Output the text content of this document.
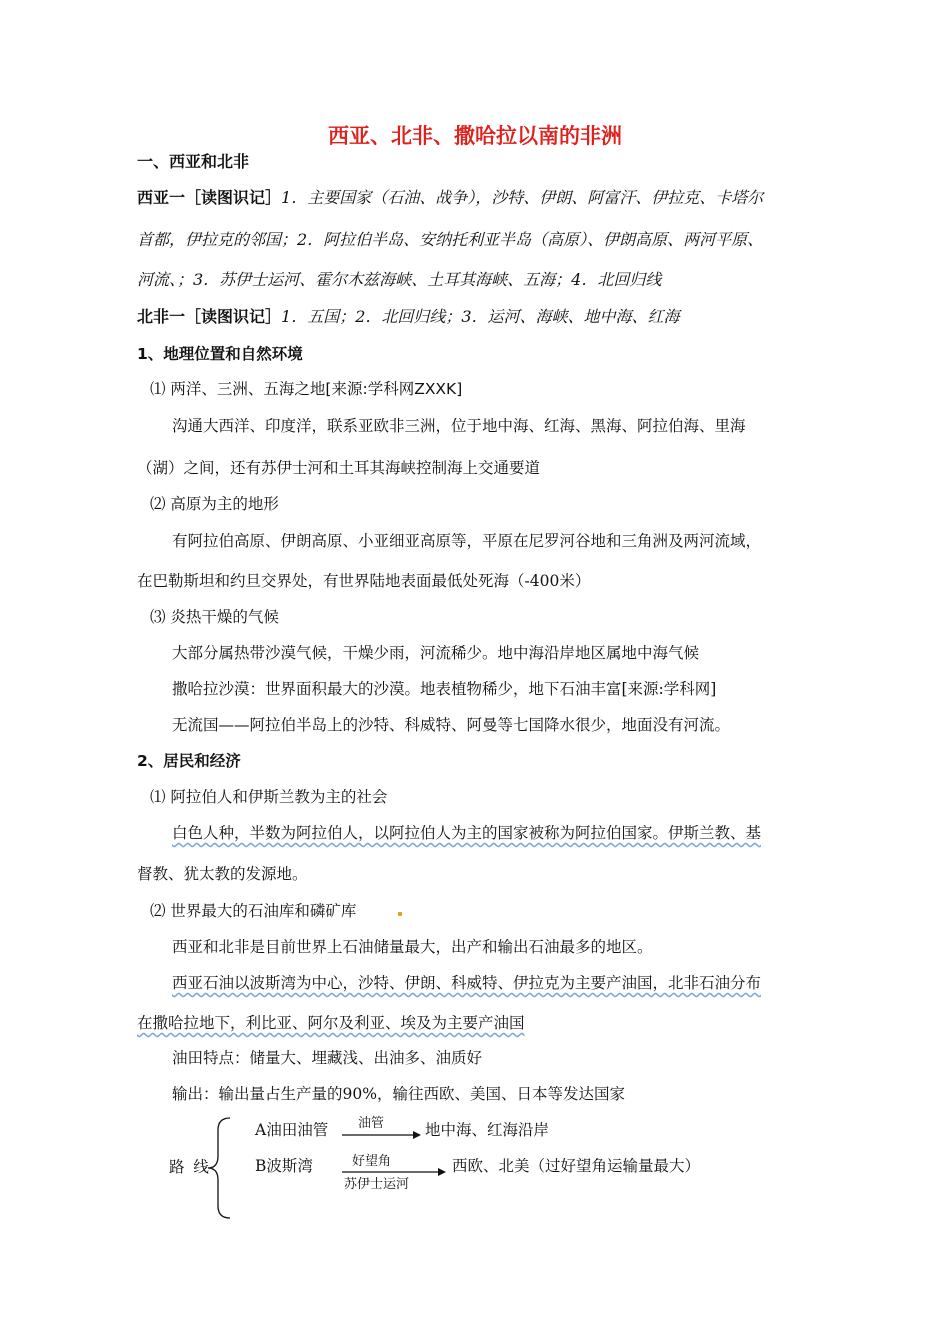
西亚、北非、撒哈拉以南的非洲
一、西亚和北非
西亚一［读图识记］1．主要国家（石油、战争），沙特、伊朗、阿富汗、伊拉克、卡塔尔
首都，伊拉克的邻国；2．阿拉伯半岛、安纳托利亚半岛（高原）、伊朗高原、两河平原、
河流、；3．苏伊士运河、霍尔木兹海峡、土耳其海峡、五海；4．北回归线
北非一［读图识记］1．五国；2．北回归线；3．运河、海峡、地中海、红海
1、地理位置和自然环境
⑴ 两洋、三洲、五海之地[来源:学科网ZXXK]
沟通大西洋、印度洋，联系亚欧非三洲，位于地中海、红海、黑海、阿拉伯海、里海
（湖）之间，还有苏伊士河和土耳其海峡控制海上交通要道
⑵ 高原为主的地形
有阿拉伯高原、伊朗高原、小亚细亚高原等，平原在尼罗河谷地和三角洲及两河流域，
在巴勒斯坦和约旦交界处，有世界陆地表面最低处死海（-400米）
⑶ 炎热干燥的气候
大部分属热带沙漠气候，干燥少雨，河流稀少。地中海沿岸地区属地中海气候
撒哈拉沙漠：世界面积最大的沙漠。地表植物稀少，地下石油丰富[来源:学科网]
无流国——阿拉伯半岛上的沙特、科威特、阿曼等七国降水很少，地面没有河流。
2、居民和经济
⑴ 阿拉伯人和伊斯兰教为主的社会
白色人种，半数为阿拉伯人，以阿拉伯人为主的国家被称为阿拉伯国家。伊斯兰教、基
督教、犹太教的发源地。
⑵ 世界最大的石油库和磷矿库
西亚和北非是目前世界上石油储量最大，出产和输出石油最多的地区。
西亚石油以波斯湾为中心，沙特、伊朗、科威特、伊拉克为主要产油国，北非石油分布
在撒哈拉地下，利比亚、阿尔及利亚、埃及为主要产油国
油田特点：储量大、埋藏浅、出油多、油质好
输出：输出量占生产量的90%，输往西欧、美国、日本等发达国家
A油田油管 油管	地中海、红海沿岸
路 线	B波斯湾	好望角
苏伊士运河
西欧、北美（过好望角运输量最大）
